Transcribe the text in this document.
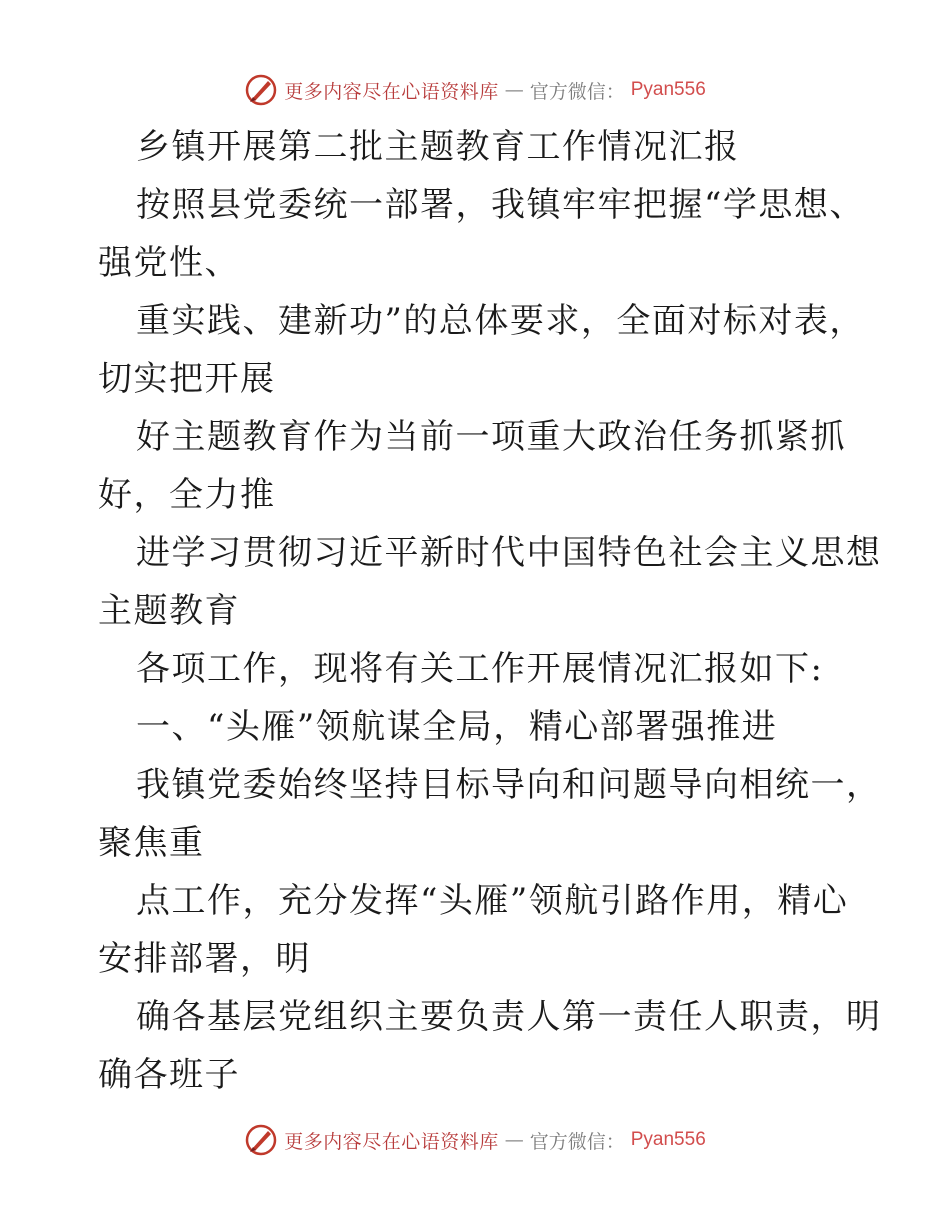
更多内容尽在心语资料库 — 官方微信： Pyan556
乡镇开展第二批主题教育工作情况汇报
按照县党委统一部署，我镇牢牢把握“学思想、
强党性、
重实践、建新功”的总体要求，全面对标对表，
切实把开展
好主题教育作为当前一项重大政治任务抓紧抓
好，全力推
进学习贯彻习近平新时代中国特色社会主义思想
主题教育
各项工作，现将有关工作开展情况汇报如下:
一、“头雁”领航谋全局，精心部署强推进
我镇党委始终坚持目标导向和问题导向相统一，
聚焦重
点工作，充分发挥“头雁”领航引路作用，精心
安排部署，明
确各基层党组织主要负责人第一责任人职责，明
确各班子
更多内容尽在心语资料库 — 官方微信： Pyan556
